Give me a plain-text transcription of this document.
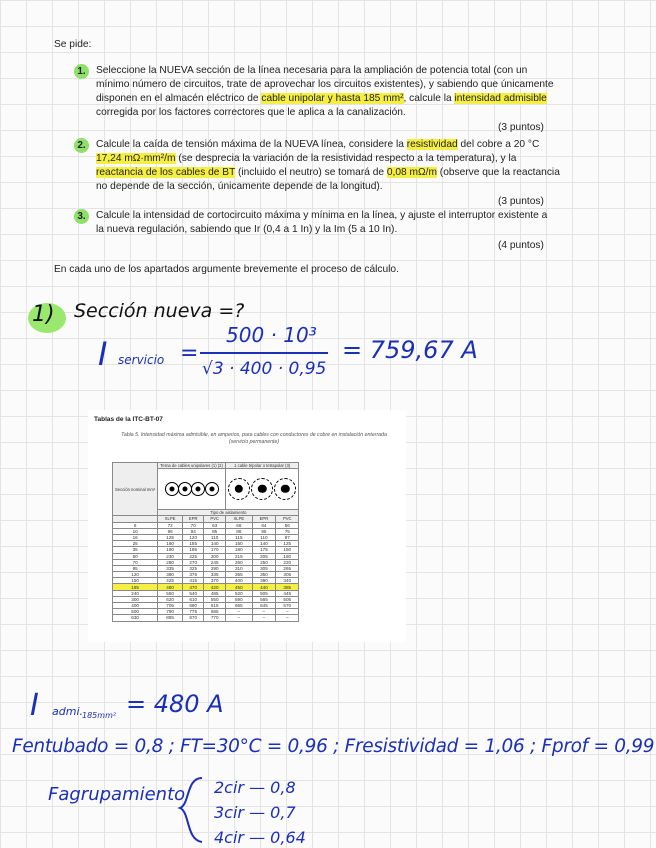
Se pide:
1.	Seleccione la NUEVA sección de la línea necesaria para la ampliación de potencia total (con un
mínimo número de circuitos, trate de aprovechar los circuitos existentes), y sabiendo que únicamente
disponen en el almacén eléctrico de cable unipolar y hasta 185 mm², calcule la intensidad admisible
corregida por los factores correctores que le aplica a la canalización.
(3 puntos)
2.	Calcule la caída de tensión máxima de la NUEVA línea, considere la resistividad del cobre a 20 °C
17,24 mΩ·mm²/m (se desprecia la variación de la resistividad respecto a la temperatura), y la
reactancia de los cables de BT (incluido el neutro) se tomará de 0,08 mΩ/m (observe que la reactancia
no depende de la sección, únicamente depende de la longitud).
(3 puntos)
3.	Calcule la intensidad de cortocircuito máxima y mínima en la línea, y ajuste el interruptor existente a
la nueva regulación, sabiendo que Ir (0,4 a 1 In) y la Im (5 a 10 In).
(4 puntos)
En cada uno de los apartados argumente brevemente el proceso de cálculo.
1) Sección nueva =?
I servicio =
500 · 10³
√3 · 400 · 0,95
= 759,67 A
Tablas de la ITC-BT-07
Tabla 5. Intensidad máxima admisible, en amperios, para cables con conductores de cobre en instalación enterrada (servicio permanente)
Sección nominal mm²	Terna de cables unipolares (1) (2)			1 cable tripolar o tetrapolar (3)		

	Tipo de aislamiento					
	XLPE	EPR	PVC	XLPE	EPR	PVC
6	72	70	63	66	64	56
10	96	94	85	88	85	75
16	125	120	110	115	110	97
25	160	155	140	150	140	125
35	190	185	170	180	175	150
50	230	225	200	215	205	180
70	280	270	245	260	250	220
95	335	325	290	310	305	265
120	380	375	335	355	350	305
150	425	415	370	400	390	340
185	480	470	420	450	440	385
240	550	540	485	520	505	445
300	620	610	550	590	565	505
400	705	690	615	665	645	570
500	790	775	685	–	–	–
630	885	870	770	–	–	–
I admi. 185mm² = 480 A
Fentubado = 0,8 ; FT=30°C = 0,96 ; Fresistividad = 1,06 ; Fprof = 0,99
Fagrupamiento 2cir — 0,8
3cir — 0,7
4cir — 0,64
